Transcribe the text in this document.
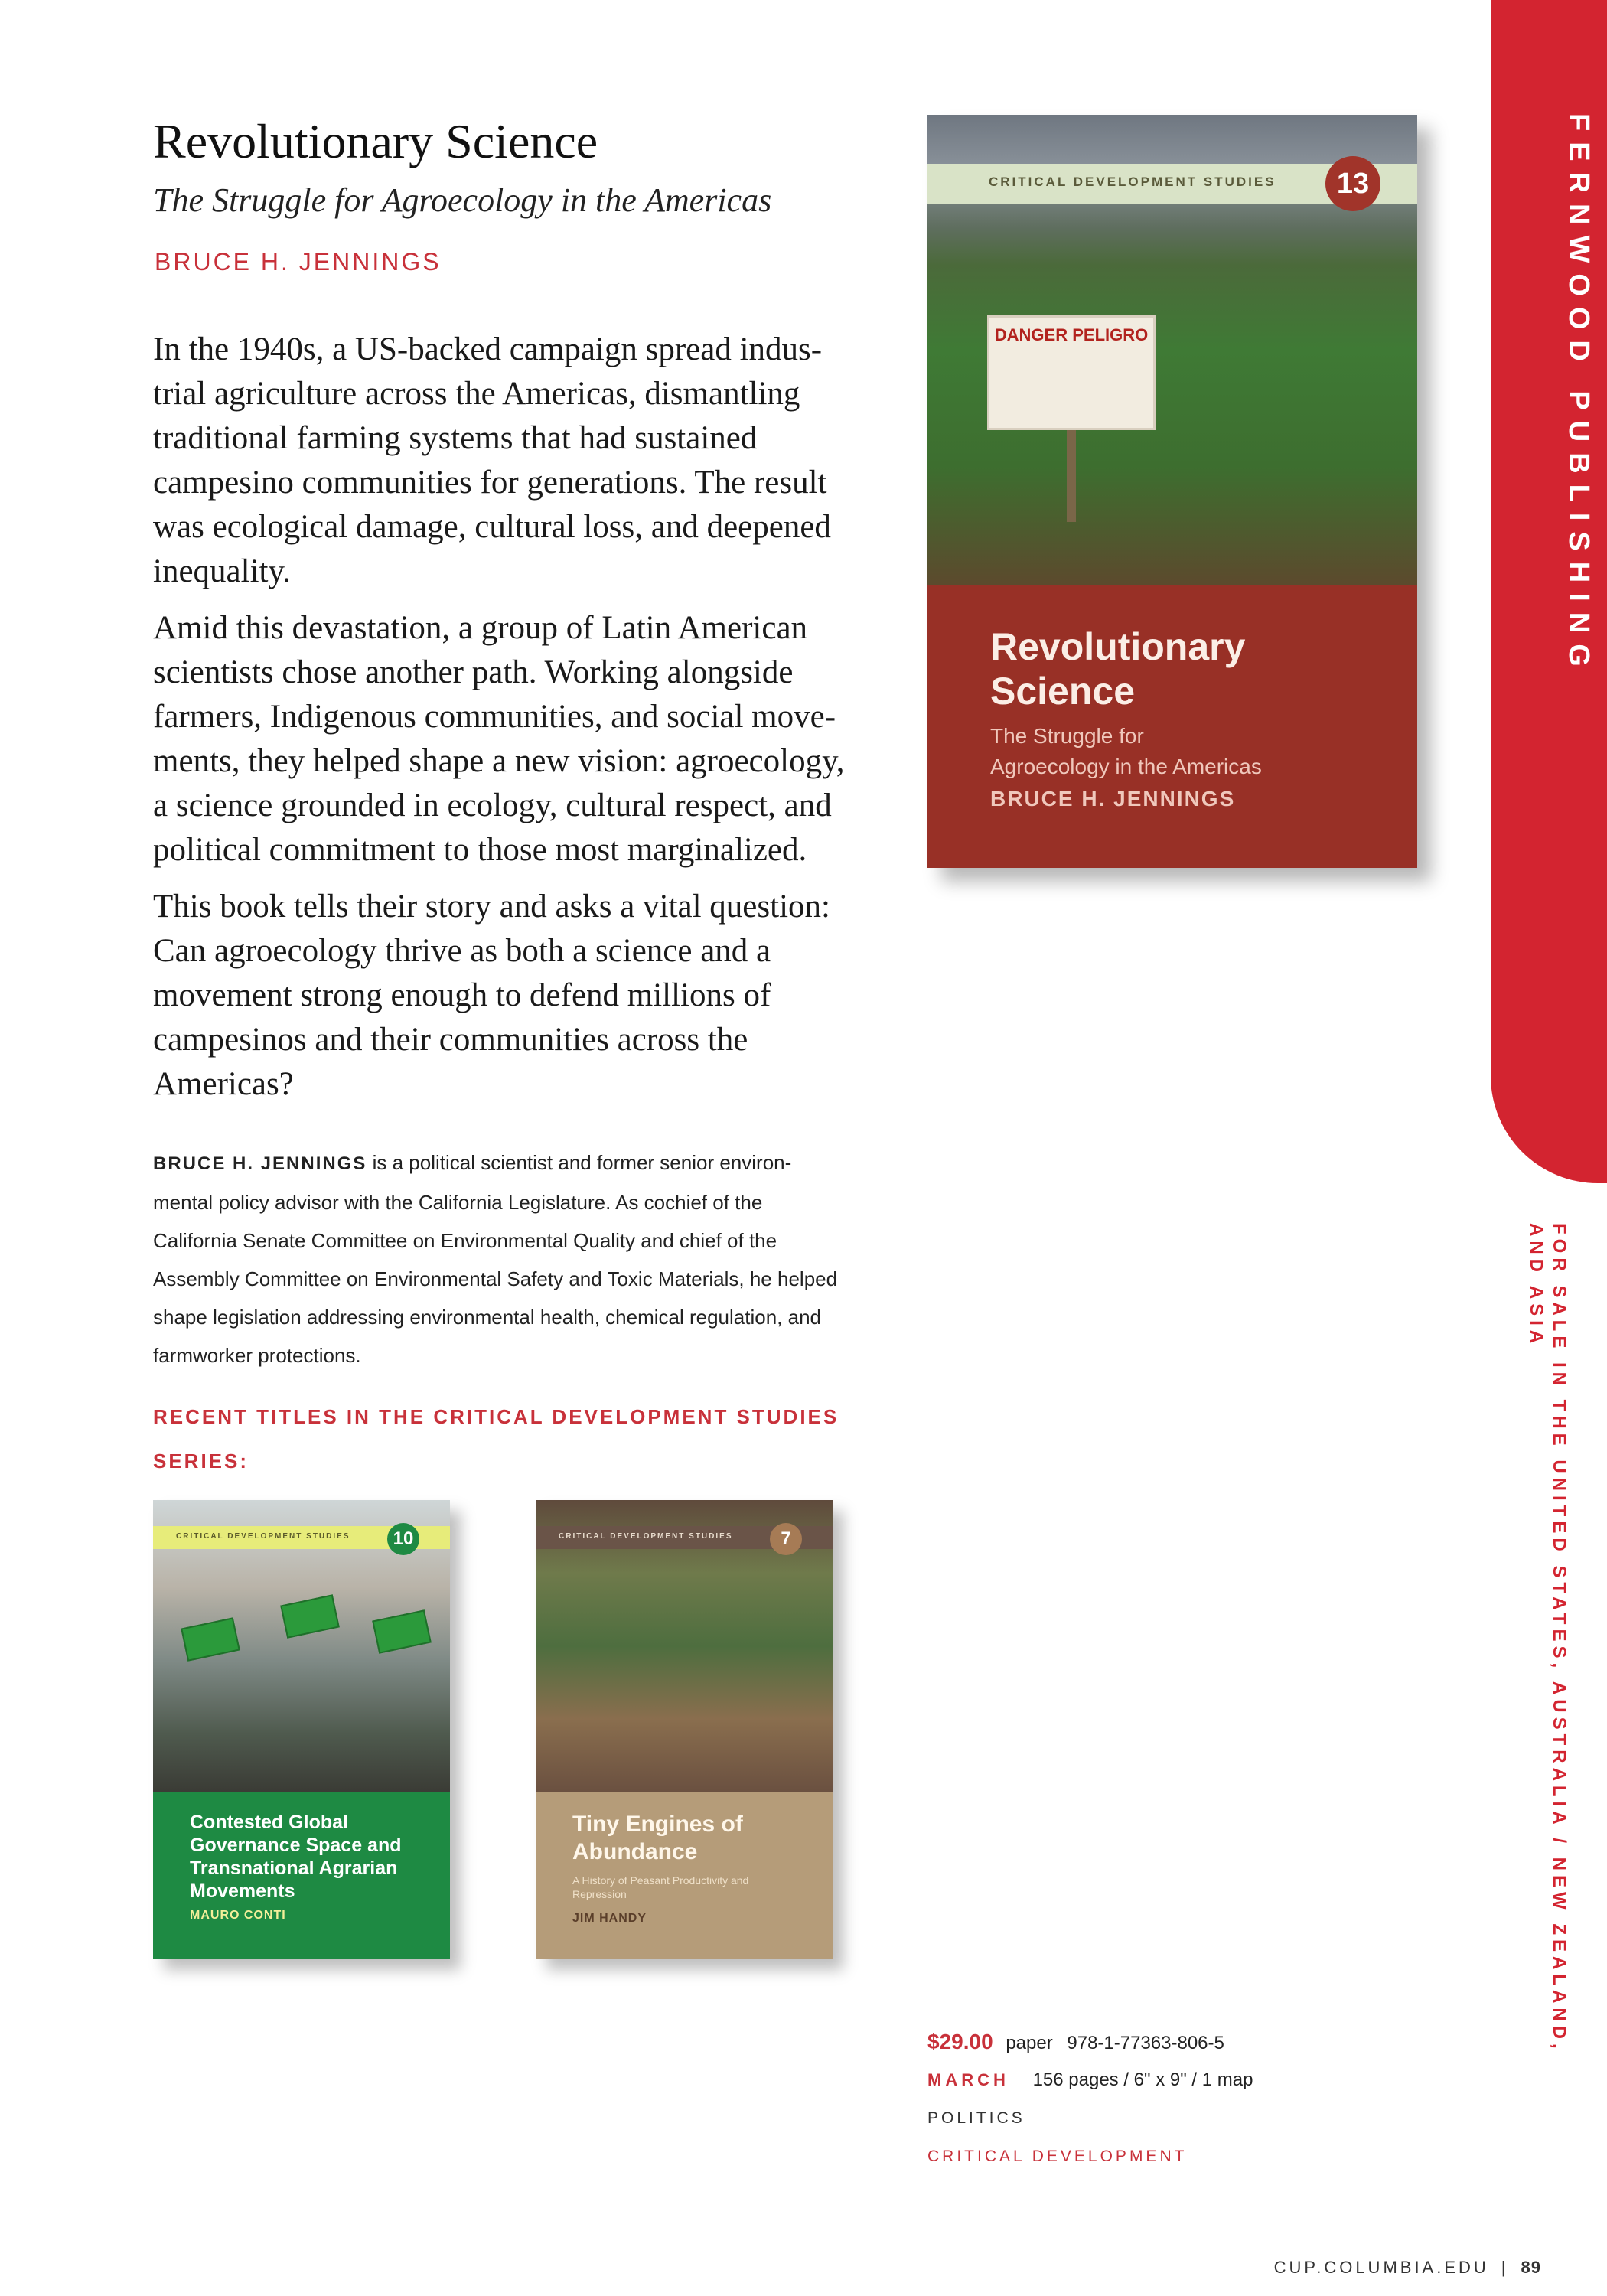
Revolutionary Science
The Struggle for Agroecology in the Americas
BRUCE H. JENNINGS

In the 1940s, a US-backed campaign spread indus-trial agriculture across the Americas, dismantling traditional farming systems that had sustained campesino communities for generations. The result was ecological damage, cultural loss, and deepened inequality.

Amid this devastation, a group of Latin American scientists chose another path. Working alongside farmers, Indigenous communities, and social move-ments, they helped shape a new vision: agroecology, a science grounded in ecology, cultural respect, and political commitment to those most marginalized.

This book tells their story and asks a vital question: Can agroecology thrive as both a science and a movement strong enough to defend millions of campesinos and their communities across the Americas?

BRUCE H. JENNINGS is a political scientist and former senior environ-mental policy advisor with the California Legislature. As cochief of the California Senate Committee on Environmental Quality and chief of the Assembly Committee on Environmental Safety and Toxic Materials, he helped shape legislation addressing environmental health, chemical regulation, and farmworker protections.
RECENT TITLES IN THE CRITICAL DEVELOPMENT STUDIES SERIES:
CRITICAL DEVELOPMENT STUDIES	13
DANGER PELIGRO
Revolutionary
Science
The Struggle for
Agroecology in the Americas
BRUCE H. JENNINGS
CRITICAL DEVELOPMENT STUDIES	10
Contested Global Governance Space and Transnational Agrarian Movements
MAURO CONTI
CRITICAL DEVELOPMENT STUDIES	7
Tiny Engines of Abundance
A History of Peasant Productivity and Repression
JIM HANDY
$29.00 paper 978-1-77363-806-5
MARCH 156 pages / 6" x 9" / 1 map
POLITICS
CRITICAL DEVELOPMENT
CUP.COLUMBIA.EDU | 89
FERNWOOD PUBLISHING
FOR SALE IN THE UNITED STATES, AUSTRALIA / NEW ZEALAND, AND ASIA
